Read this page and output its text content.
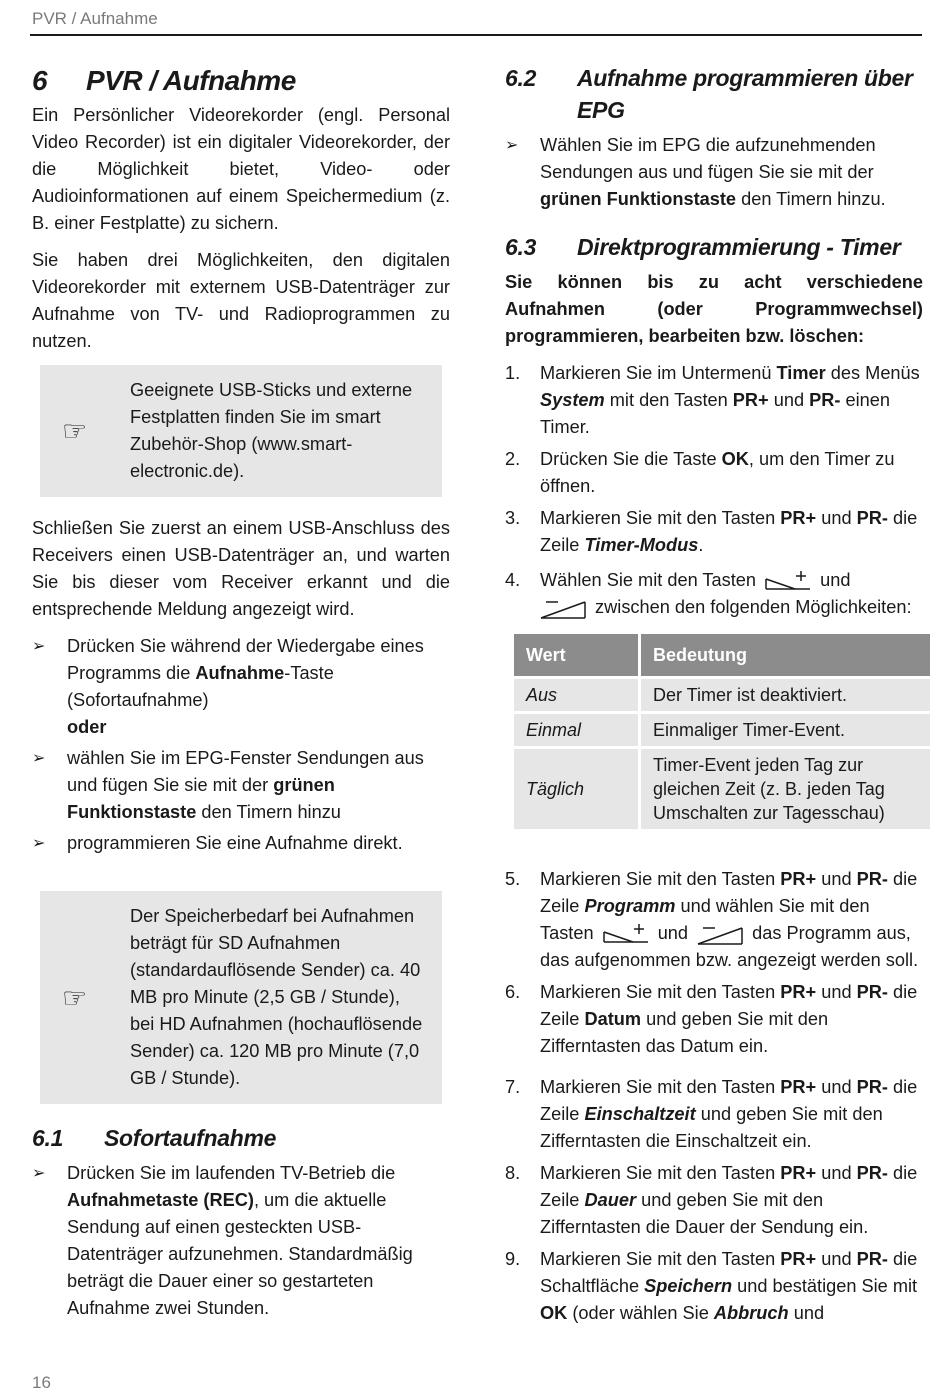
PVR / Aufnahme
6 PVR / Aufnahme

Ein Persönlicher Videorekorder (engl. Personal Video Recorder) ist ein digitaler Videorekorder, der die Möglichkeit bietet, Video- oder Audioinformationen auf einem Speichermedium (z. B. einer Festplatte) zu sichern.

Sie haben drei Möglichkeiten, den digitalen Videorekorder mit externem USB-Datenträger zur Aufnahme von TV- und Radioprogrammen zu nutzen.

☞
Geeignete USB-Sticks und externe Festplatten finden Sie im smart Zubehör-Shop (www.smart-electronic.de).

Schließen Sie zuerst an einem USB-Anschluss des Receivers einen USB-Datenträger an, und warten Sie bis dieser vom Receiver erkannt und die entsprechende Meldung angezeigt wird.

➢ Drücken Sie während der Wiedergabe eines Programms die Aufnahme-Taste (Sofortaufnahme)
oder
➢ wählen Sie im EPG-Fenster Sendungen aus und fügen Sie sie mit der grünen Funktionstaste den Timern hinzu
➢ programmieren Sie eine Aufnahme direkt.
☞
Der Speicherbedarf bei Aufnahmen beträgt für SD Aufnahmen (standardauflösende Sender) ca. 40 MB pro Minute (2,5 GB / Stunde), bei HD Aufnahmen (hochauflösende Sender) ca. 120 MB pro Minute (7,0 GB / Stunde).
6.1	Sofortaufnahme
➢ Drücken Sie im laufenden TV-Betrieb die Aufnahmetaste (REC), um die aktuelle Sendung auf einen gesteckten USB-Datenträger aufzunehmen. Standardmäßig beträgt die Dauer einer so gestarteten Aufnahme zwei Stunden.
6.2	Aufnahme programmieren über EPG
➢ Wählen Sie im EPG die aufzunehmenden Sendungen aus und fügen Sie sie mit der grünen Funktionstaste den Timern hinzu.
6.3	Direktprogrammierung - Timer

Sie können bis zu acht verschiedene Aufnahmen (oder Programmwechsel) programmieren, bearbeiten bzw. löschen:

1. Markieren Sie im Untermenü Timer des Menüs System mit den Tasten PR+ und PR- einen Timer.
2. Drücken Sie die Taste OK, um den Timer zu öffnen.
3. Markieren Sie mit den Tasten PR+ und PR- die Zeile Timer-Modus.
4. Wählen Sie mit den Tasten	und
zwischen den folgenden Möglichkeiten:
Wert	Bedeutung
Aus	Der Timer ist deaktiviert.
Einmal	Einmaliger Timer-Event.
Täglich	Timer-Event jeden Tag zur gleichen Zeit (z. B. jeden Tag Umschalten zur Tagesschau)
5. Markieren Sie mit den Tasten PR+ und PR- die Zeile Programm und wählen Sie mit den Tasten	und	das Programm aus, das aufgenommen bzw. angezeigt werden soll.
6. Markieren Sie mit den Tasten PR+ und PR- die Zeile Datum und geben Sie mit den Zifferntasten das Datum ein.
7. Markieren Sie mit den Tasten PR+ und PR- die Zeile Einschaltzeit und geben Sie mit den Zifferntasten die Einschaltzeit ein.
8. Markieren Sie mit den Tasten PR+ und PR- die Zeile Dauer und geben Sie mit den Zifferntasten die Dauer der Sendung ein.
9. Markieren Sie mit den Tasten PR+ und PR- die Schaltfläche Speichern und bestätigen Sie mit OK (oder wählen Sie Abbruch und
16
